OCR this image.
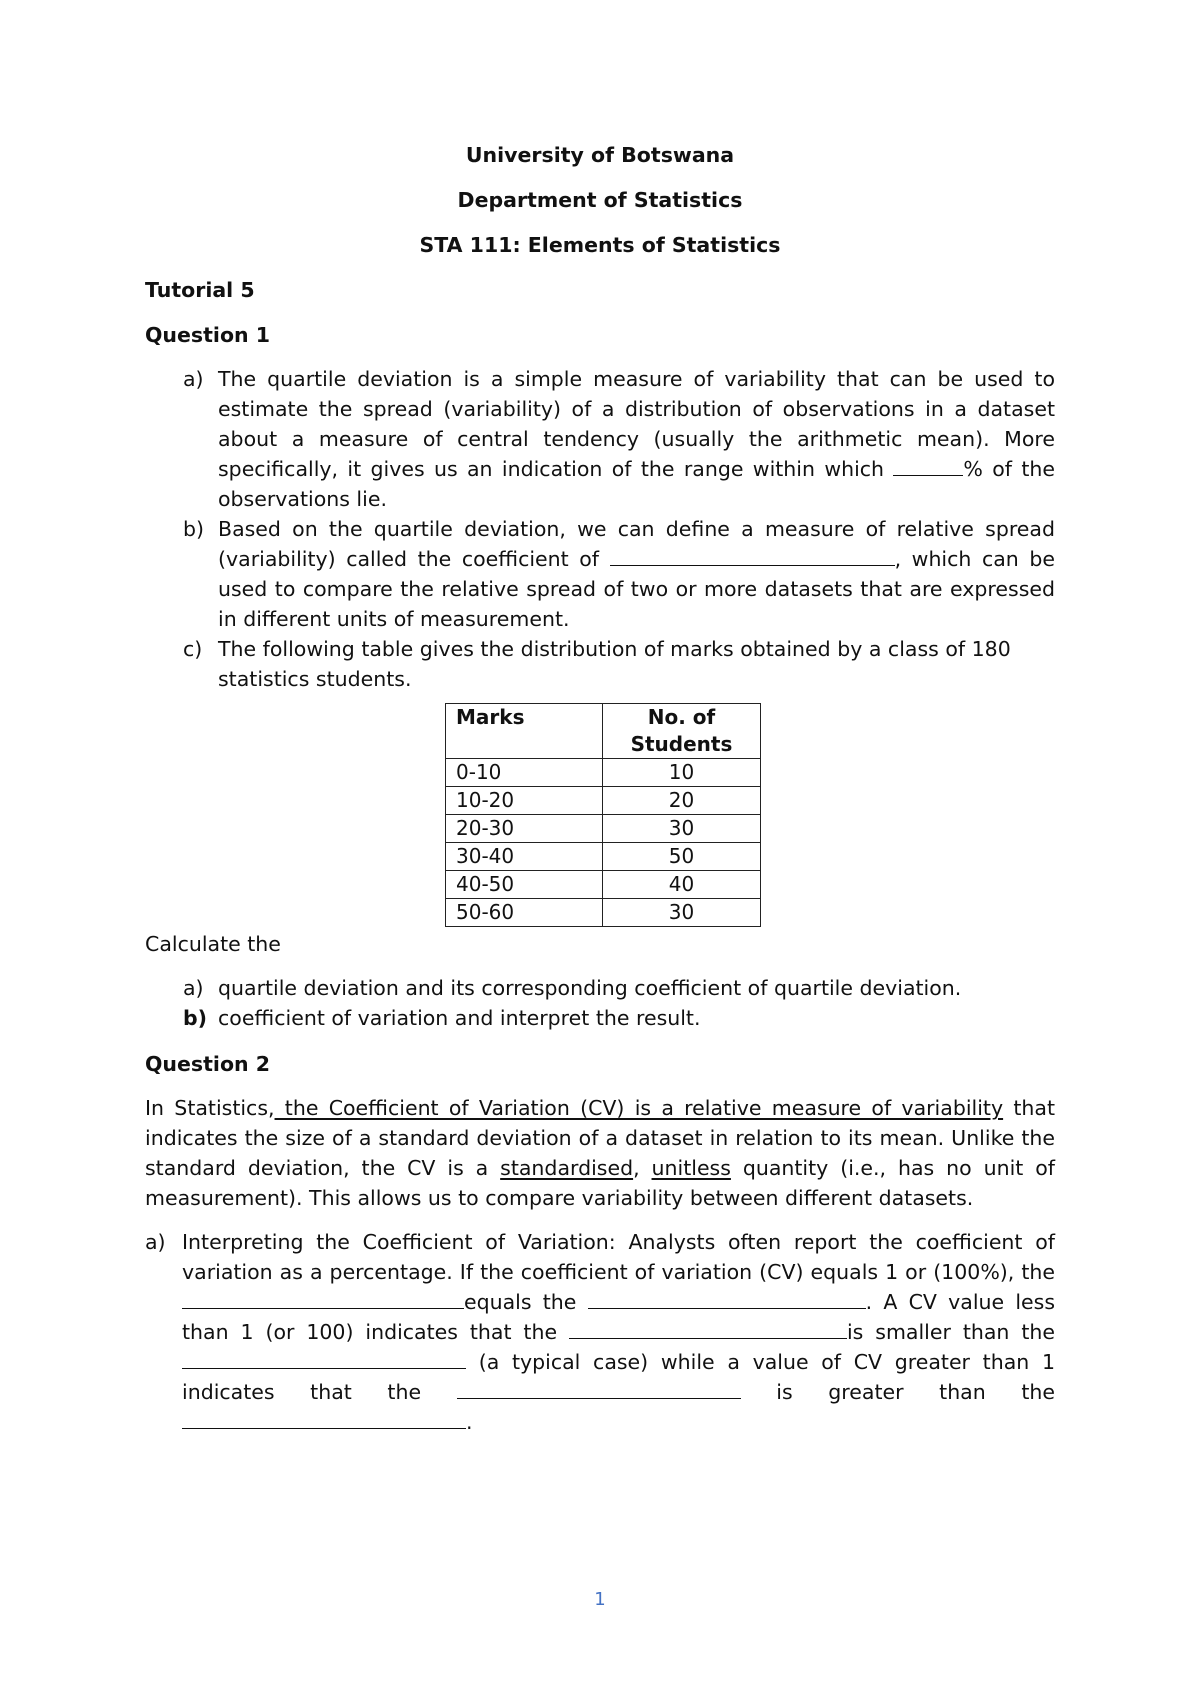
University of Botswana

Department of Statistics

STA 111: Elements of Statistics

Tutorial 5

Question 1

a) The quartile deviation is a simple measure of variability that can be used to estimate the spread (variability) of a distribution of observations in a dataset about a measure of central tendency (usually the arithmetic mean). More specifically, it gives us an indication of the range within which	% of the observations lie.
b) Based on the quartile deviation, we can define a measure of relative spread (variability) called the coefficient of	, which can be used to compare the relative spread of two or more datasets that are expressed in different units of measurement.
c) The following table gives the distribution of marks obtained by a class of 180 statistics students.
Marks	No. of Students
0-10	10
10-20	20
20-30	30
30-40	50
40-50	40
50-60	30

Calculate the

a) quartile deviation and its corresponding coefficient of quartile deviation.
b) coefficient of variation and interpret the result.

Question 2

In Statistics, the Coefficient of Variation (CV) is a relative measure of variability that indicates the size of a standard deviation of a dataset in relation to its mean. Unlike the standard deviation, the CV is a standardised, unitless quantity (i.e., has no unit of measurement). This allows us to compare variability between different datasets.

a) Interpreting the Coefficient of Variation: Analysts often report the coefficient of variation as a percentage. If the coefficient of variation (CV) equals 1 or (100%), the equals the	. A CV value less than 1 (or 100) indicates that the	is smaller than the  (a typical case) while a value of CV greater than 1 indicates that the	is greater than the .
1
